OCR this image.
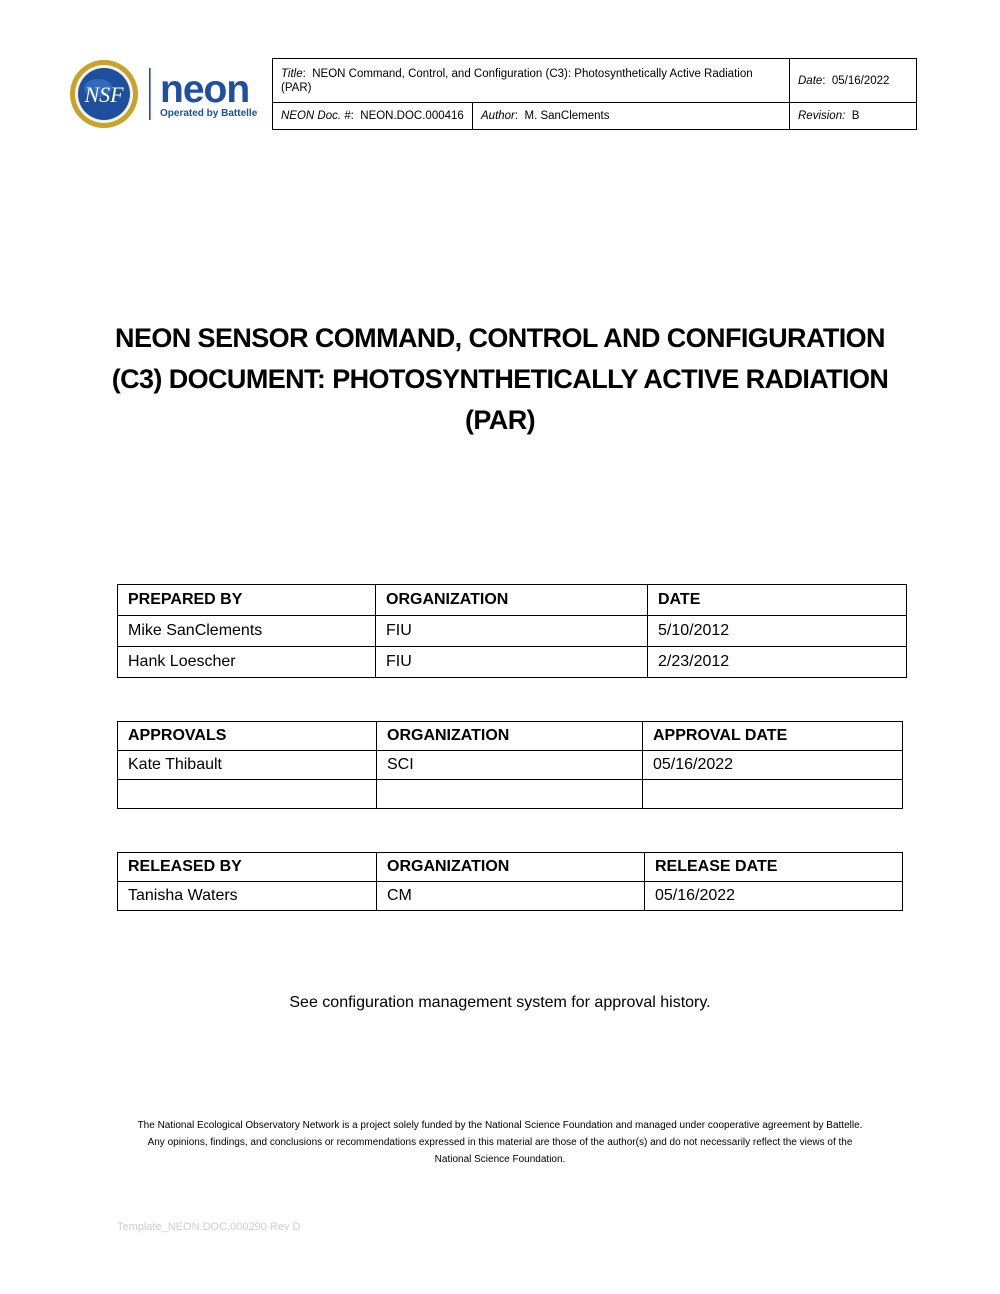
NSF neon
Operated by Battelle
Title:  NEON Command, Control, and Configuration (C3): Photosynthetically Active Radiation (PAR)		Date:  05/16/2022
NEON Doc. #:  NEON.DOC.000416	Author:  M. SanClements	Revision: B
NEON SENSOR COMMAND, CONTROL AND CONFIGURATION
(C3) DOCUMENT: PHOTOSYNTHETICALLY ACTIVE RADIATION
(PAR)
PREPARED BY	ORGANIZATION	DATE
Mike SanClements	FIU	5/10/2012
Hank Loescher	FIU	2/23/2012
APPROVALS	ORGANIZATION	APPROVAL DATE
Kate Thibault	SCI	05/16/2022

RELEASED BY	ORGANIZATION	RELEASE DATE
Tanisha Waters	CM	05/16/2022
See configuration management system for approval history.
The National Ecological Observatory Network is a project solely funded by the National Science Foundation and managed under cooperative agreement by Battelle.
Any opinions, findings, and conclusions or recommendations expressed in this material are those of the author(s) and do not necessarily reflect the views of the
National Science Foundation.
Template_NEON.DOC.000290 Rev D
